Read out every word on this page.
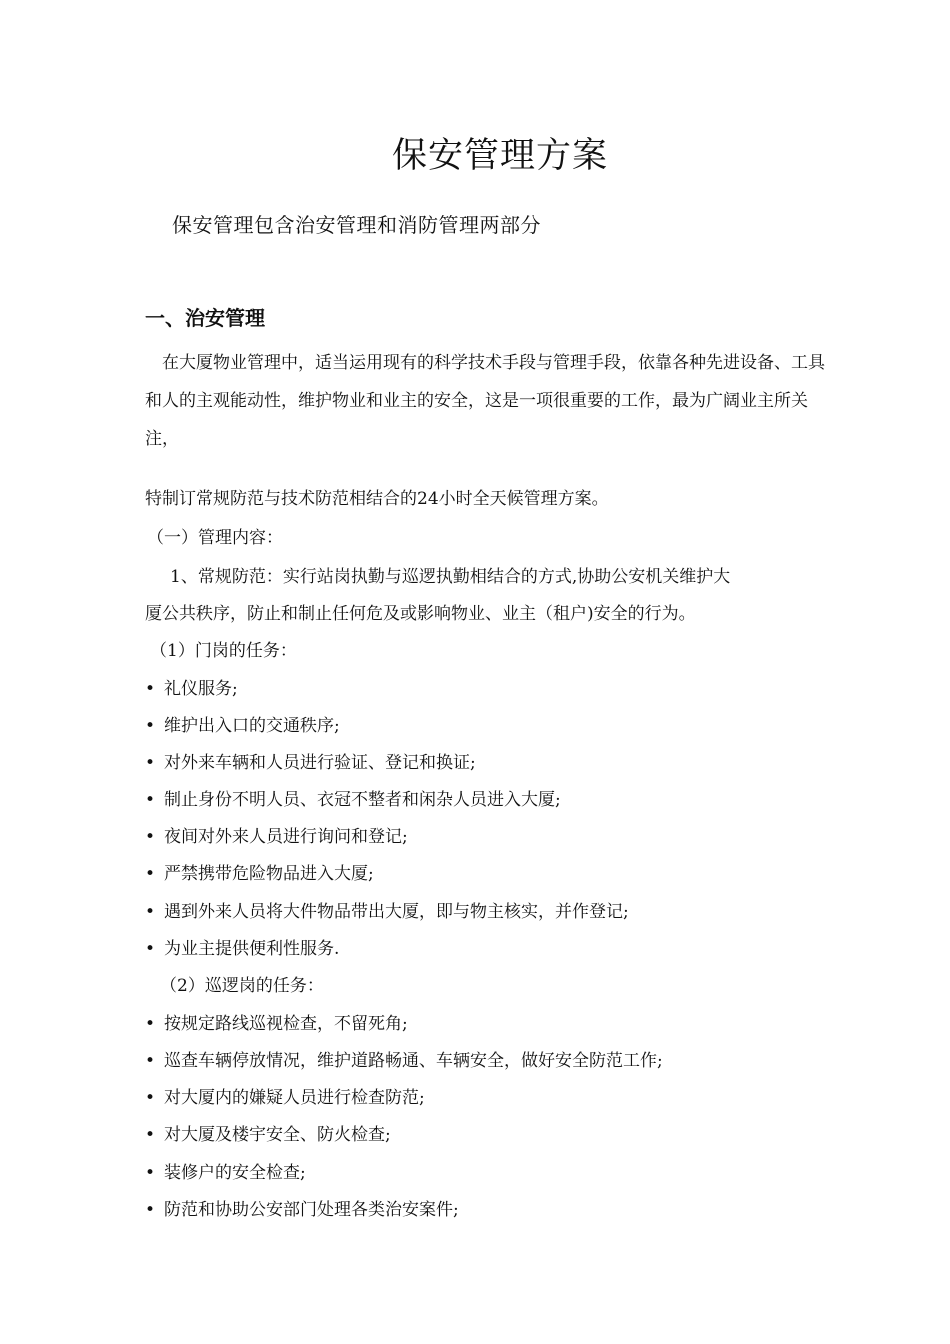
保安管理方案

保安管理包含治安管理和消防管理两部分

一、治安管理

在大厦物业管理中，适当运用现有的科学技术手段与管理手段，依靠各种先进设备、工具和人的主观能动性，维护物业和业主的安全，这是一项很重要的工作，最为广阔业主所关注，

特制订常规防范与技术防范相结合的24小时全天候管理方案。

（一）管理内容：

1、常规防范：实行站岗执勤与巡逻执勤相结合的方式,协助公安机关维护大

厦公共秩序，防止和制止任何危及或影响物业、业主（租户)安全的行为。

（1）门岗的任务：

• 礼仪服务;

• 维护出入口的交通秩序;

• 对外来车辆和人员进行验证、登记和换证;

• 制止身份不明人员、衣冠不整者和闲杂人员进入大厦;

• 夜间对外来人员进行询问和登记;

• 严禁携带危险物品进入大厦;

• 遇到外来人员将大件物品带出大厦，即与物主核实，并作登记;

• 为业主提供便利性服务.

（2）巡逻岗的任务：

• 按规定路线巡视检查，不留死角;

• 巡查车辆停放情况，维护道路畅通、车辆安全，做好安全防范工作;

• 对大厦内的嫌疑人员进行检查防范;

• 对大厦及楼宇安全、防火检查;

• 装修户的安全检查;

• 防范和协助公安部门处理各类治安案件;
